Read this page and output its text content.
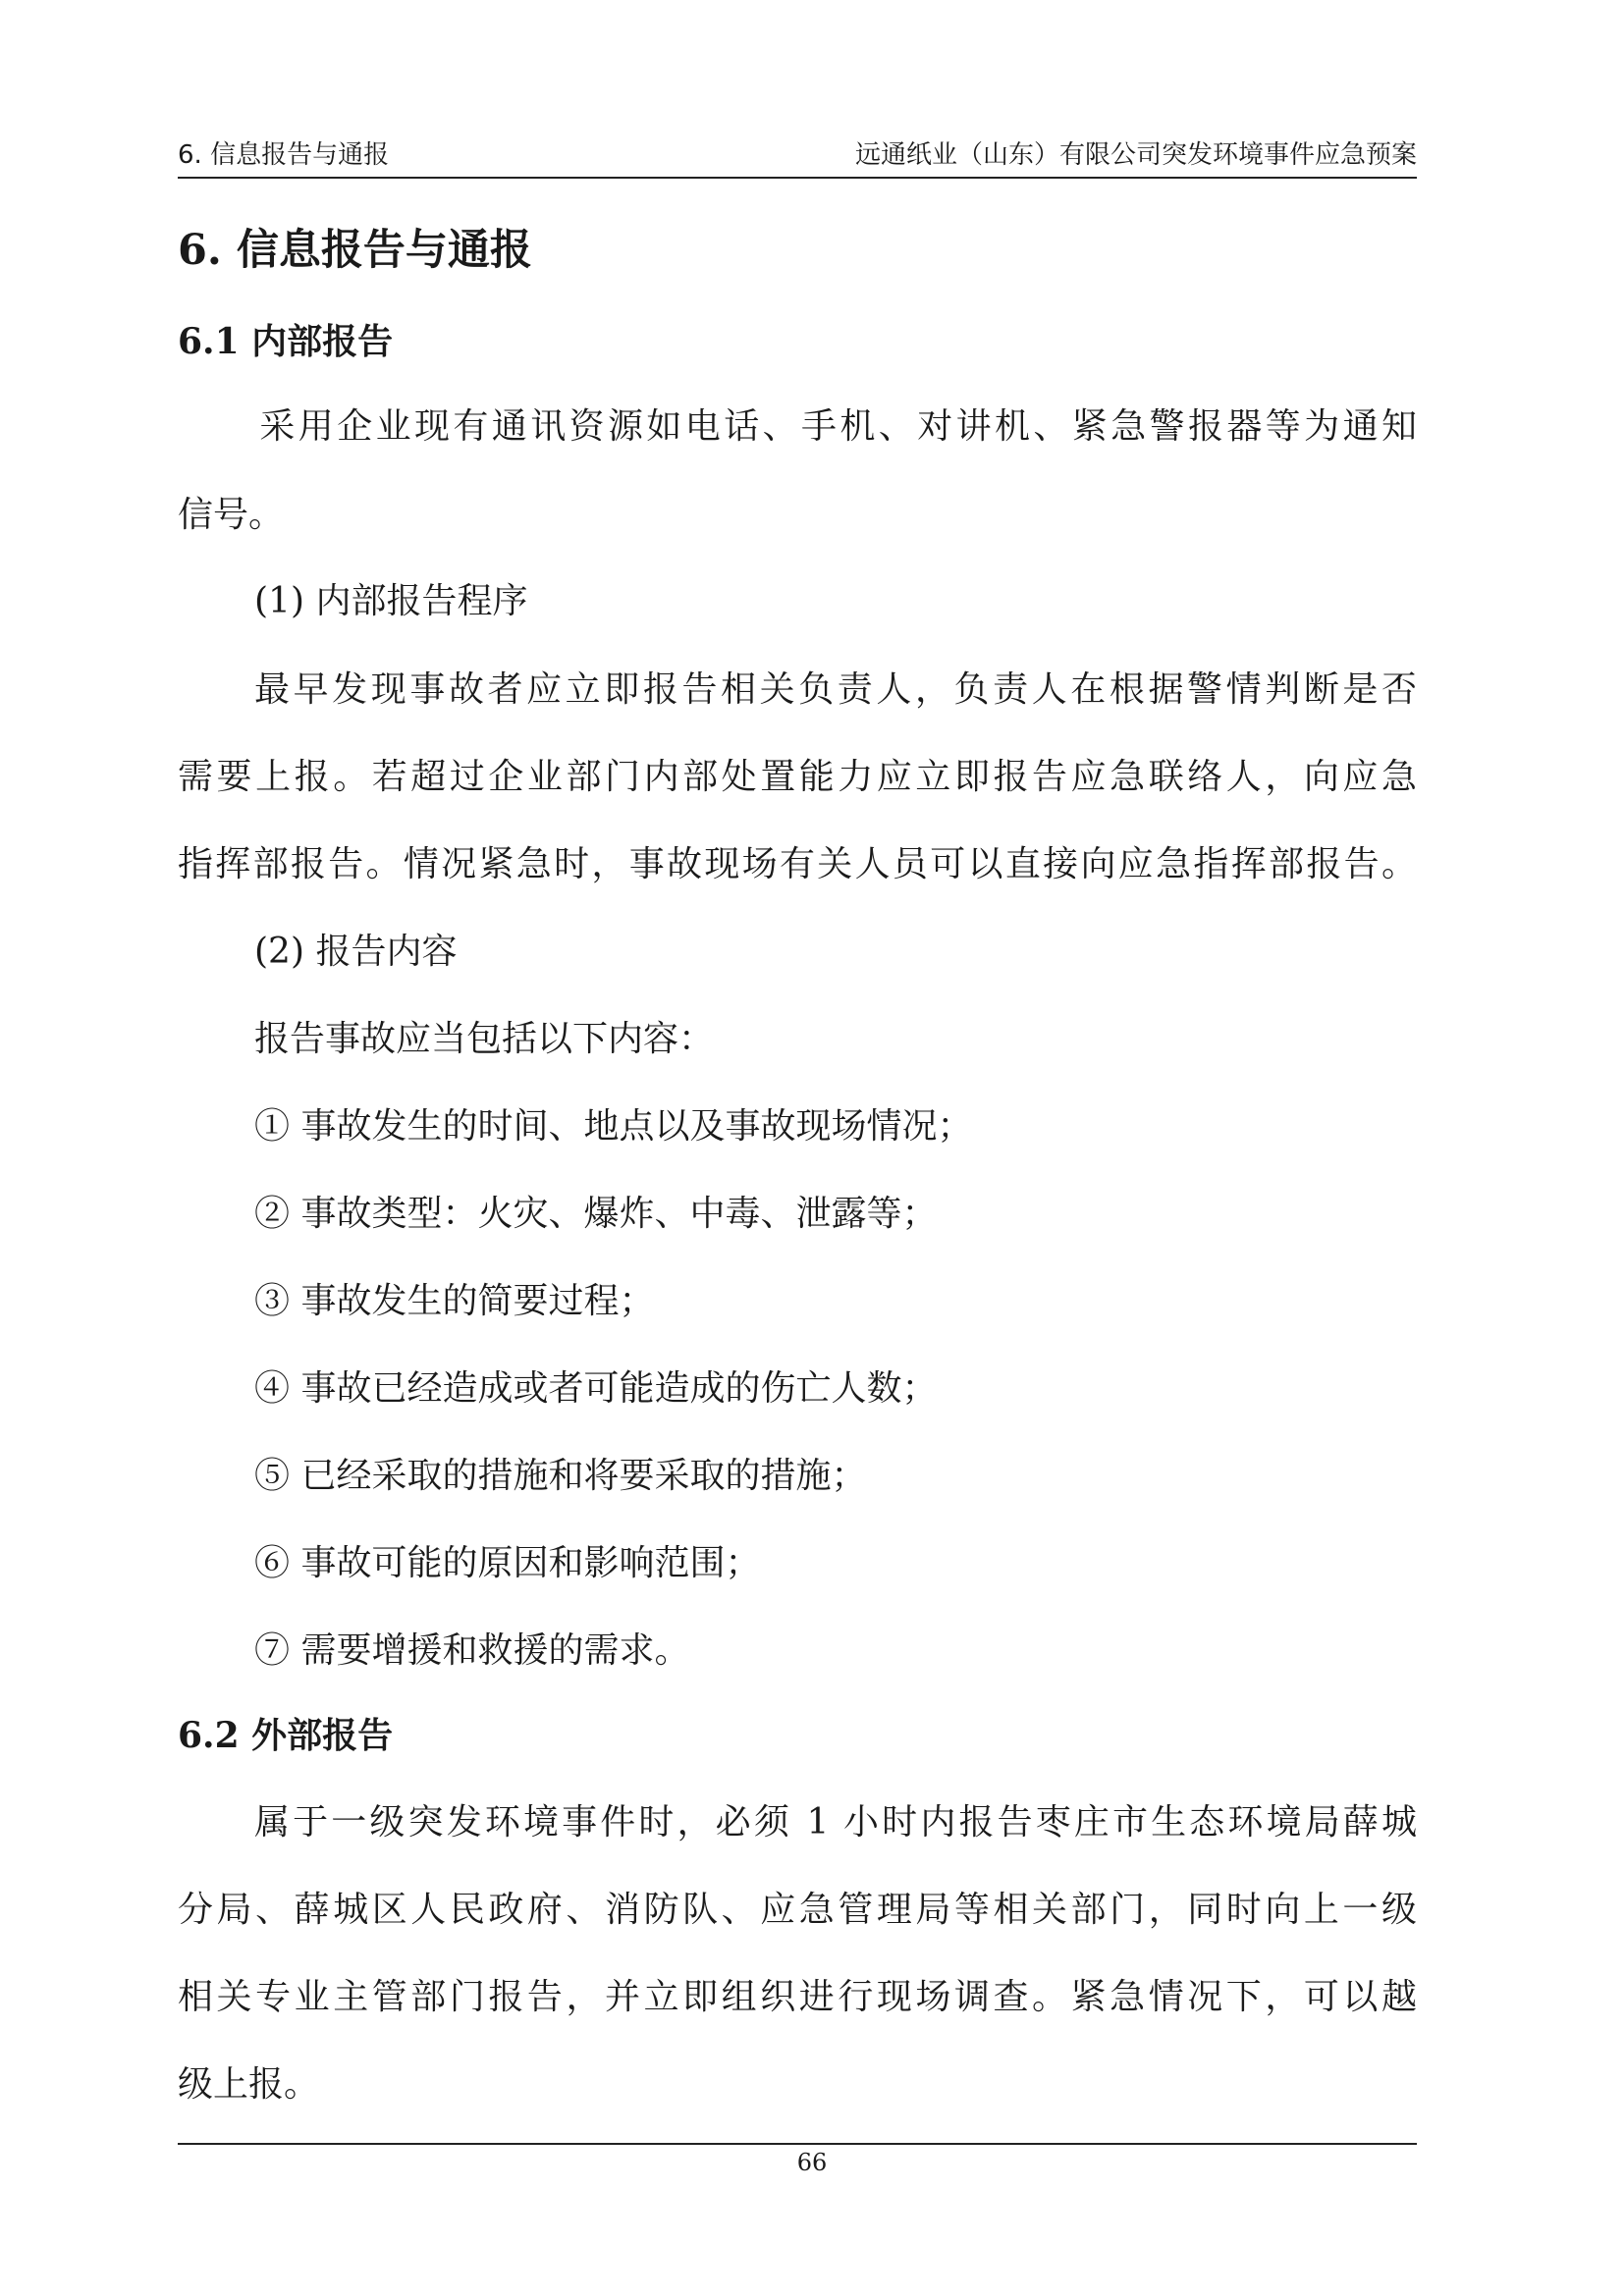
6. 信息报告与通报	远通纸业（山东）有限公司突发环境事件应急预案
6. 信息报告与通报
6.1 内部报告
采用企业现有通讯资源如电话、手机、对讲机、紧急警报器等为通知
信号。
(1) 内部报告程序
最早发现事故者应立即报告相关负责人，负责人在根据警情判断是否
需要上报。若超过企业部门内部处置能力应立即报告应急联络人，向应急
指挥部报告。情况紧急时，事故现场有关人员可以直接向应急指挥部报告。
(2) 报告内容
报告事故应当包括以下内容：
① 事故发生的时间、地点以及事故现场情况；
② 事故类型：火灾、爆炸、中毒、泄露等；
③ 事故发生的简要过程；
④ 事故已经造成或者可能造成的伤亡人数；
⑤ 已经采取的措施和将要采取的措施；
⑥ 事故可能的原因和影响范围；
⑦ 需要增援和救援的需求。
6.2 外部报告
属于一级突发环境事件时，必须 1 小时内报告枣庄市生态环境局薛城
分局、薛城区人民政府、消防队、应急管理局等相关部门，同时向上一级
相关专业主管部门报告，并立即组织进行现场调查。紧急情况下，可以越
级上报。
66
